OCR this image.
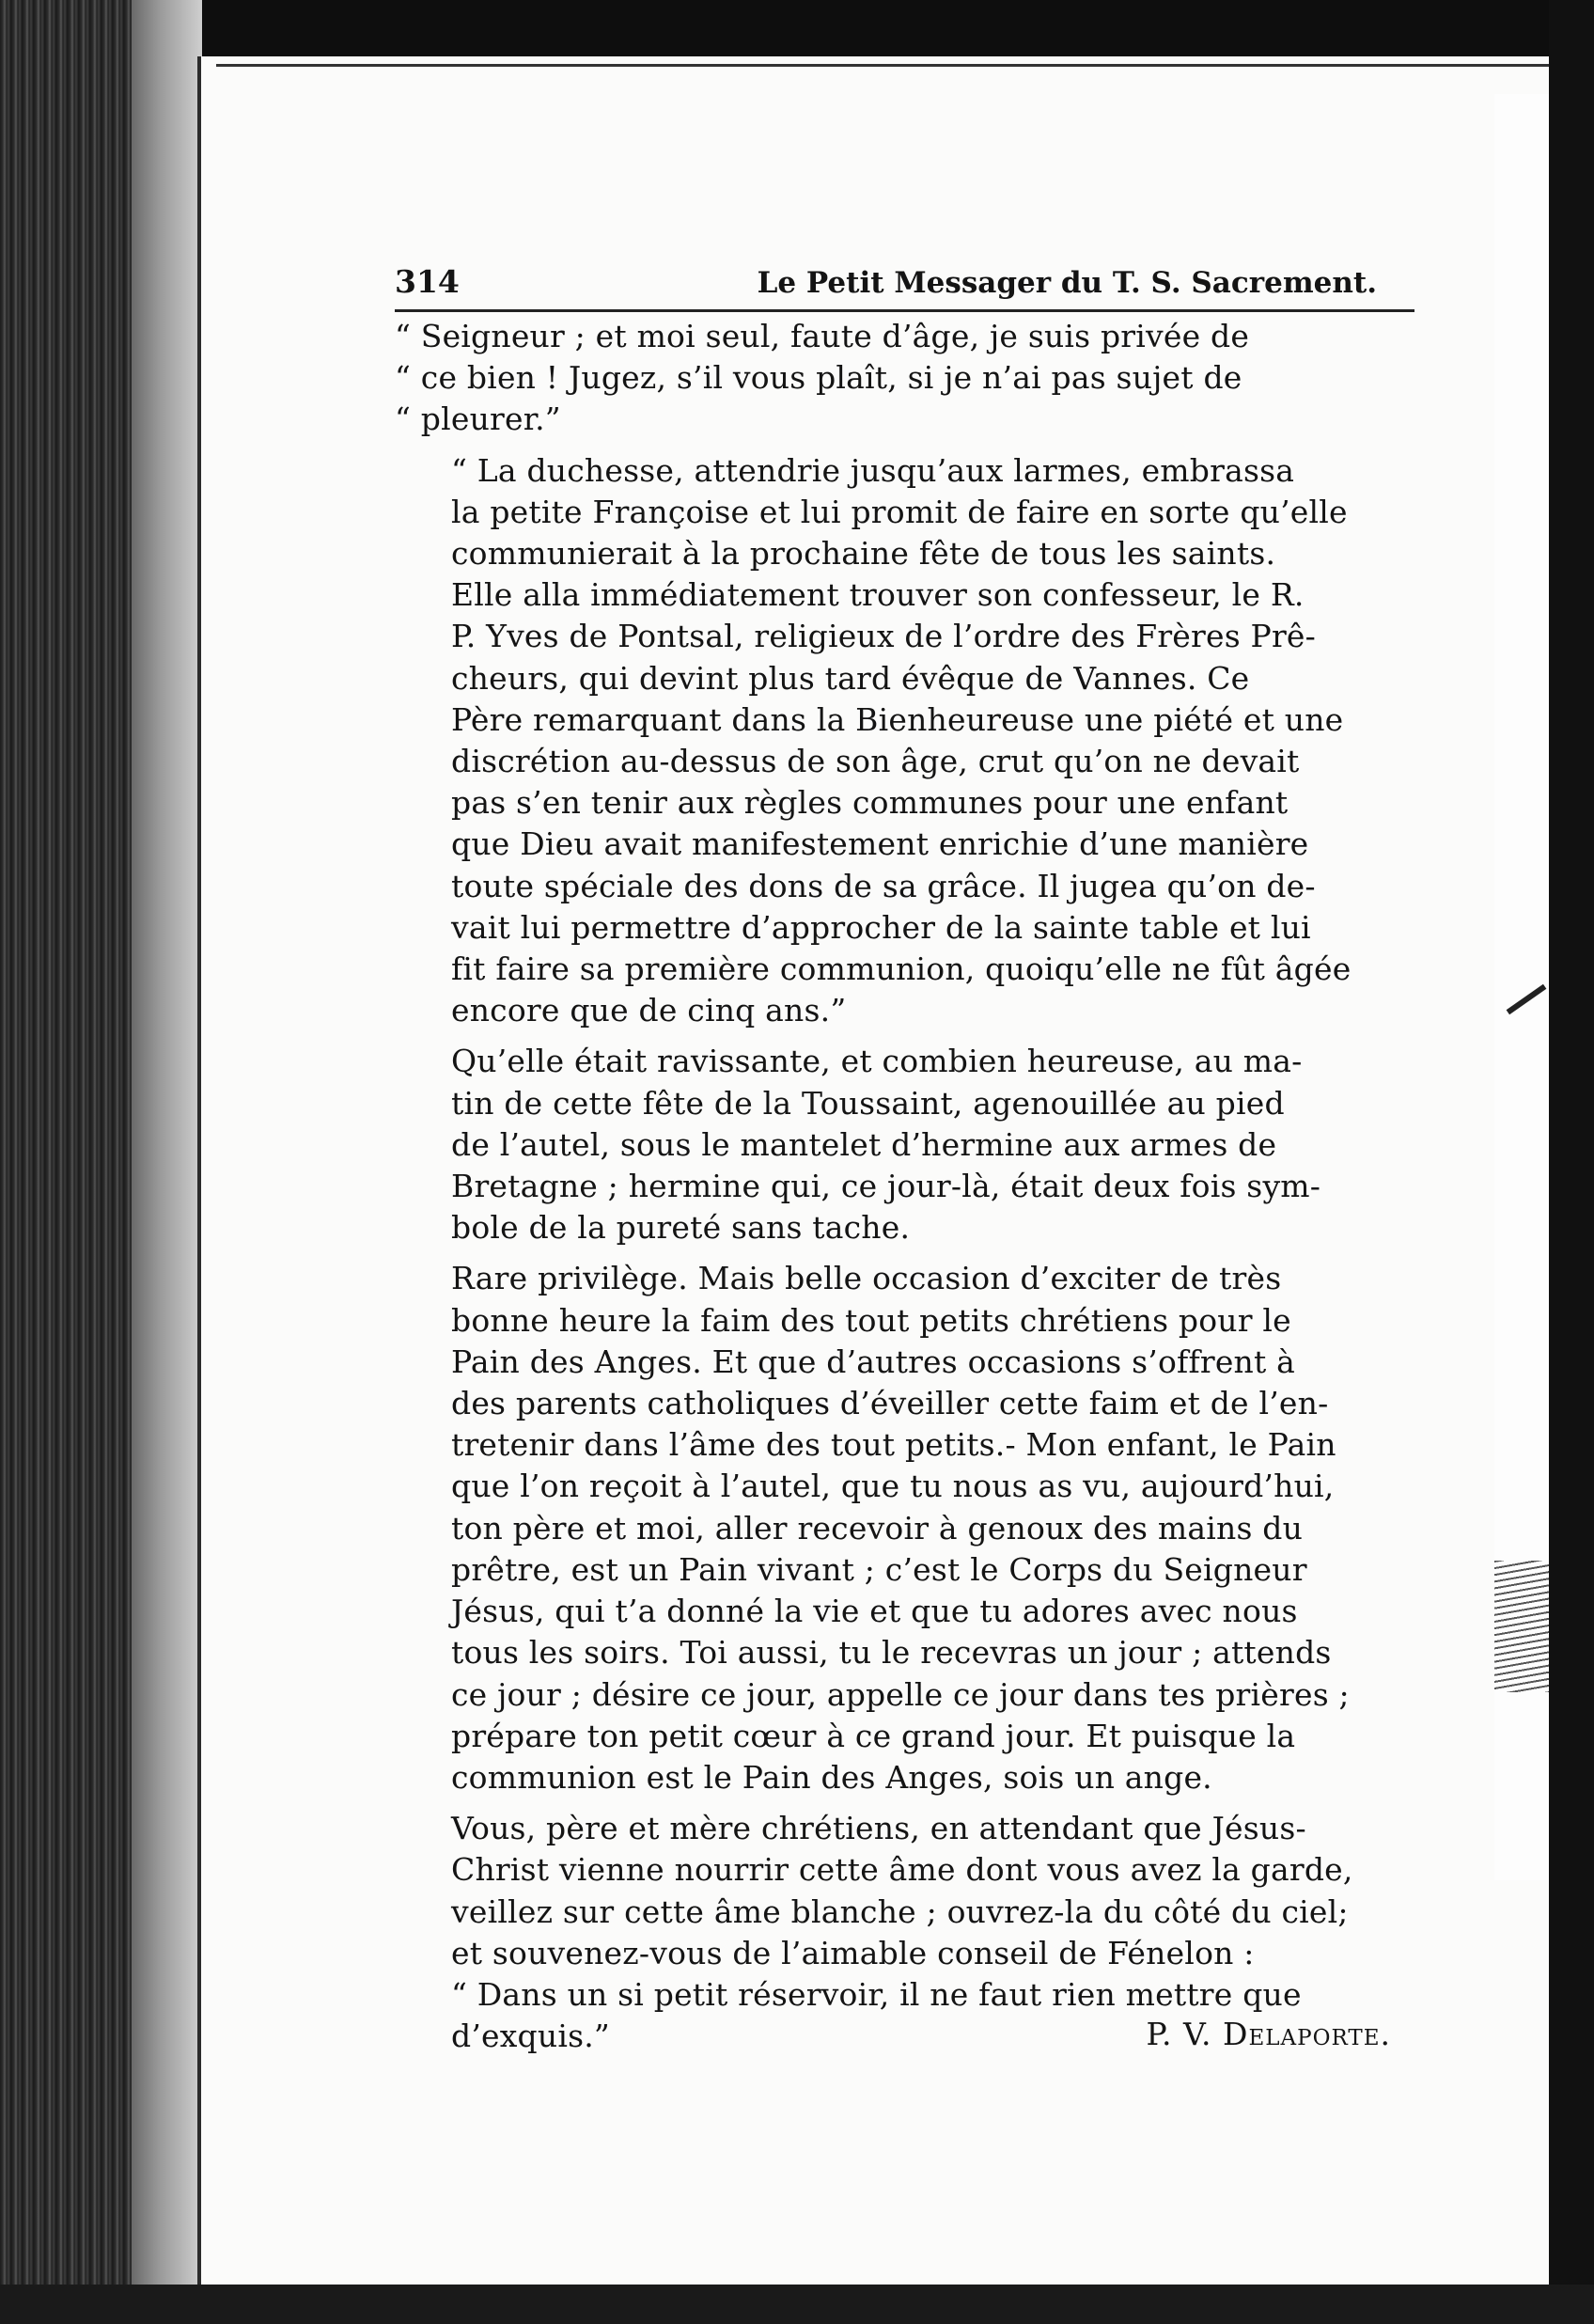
314	Le Petit Messager du T. S. Sacrement.

“ Seigneur ; et moi seul, faute d’âge, je suis privée de
“ ce bien ! Jugez, s’il vous plaît, si je n’ai pas sujet de
“ pleurer.”

“ La duchesse, attendrie jusqu’aux larmes, embrassa
la petite Françoise et lui promit de faire en sorte qu’elle
communierait à la prochaine fête de tous les saints.
Elle alla immédiatement trouver son confesseur, le R.
P. Yves de Pontsal, religieux de l’ordre des Frères Prê-
cheurs, qui devint plus tard évêque de Vannes. Ce
Père remarquant dans la Bienheureuse une piété et une
discrétion au-dessus de son âge, crut qu’on ne devait
pas s’en tenir aux règles communes pour une enfant
que Dieu avait manifestement enrichie d’une manière
toute spéciale des dons de sa grâce. Il jugea qu’on de-
vait lui permettre d’approcher de la sainte table et lui
fit faire sa première communion, quoiqu’elle ne fût âgée
encore que de cinq ans.”

Qu’elle était ravissante, et combien heureuse, au ma-
tin de cette fête de la Toussaint, agenouillée au pied
de l’autel, sous le mantelet d’hermine aux armes de
Bretagne ; hermine qui, ce jour-là, était deux fois sym-
bole de la pureté sans tache.

Rare privilège. Mais belle occasion d’exciter de très
bonne heure la faim des tout petits chrétiens pour le
Pain des Anges. Et que d’autres occasions s’offrent à
des parents catholiques d’éveiller cette faim et de l’en-
tretenir dans l’âme des tout petits.- Mon enfant, le Pain
que l’on reçoit à l’autel, que tu nous as vu, aujourd’hui,
ton père et moi, aller recevoir à genoux des mains du
prêtre, est un Pain vivant ; c’est le Corps du Seigneur
Jésus, qui t’a donné la vie et que tu adores avec nous
tous les soirs. Toi aussi, tu le recevras un jour ; attends
ce jour ; désire ce jour, appelle ce jour dans tes prières ;
prépare ton petit cœur à ce grand jour. Et puisque la
communion est le Pain des Anges, sois un ange.

Vous, père et mère chrétiens, en attendant que Jésus-
Christ vienne nourrir cette âme dont vous avez la garde,
veillez sur cette âme blanche ; ouvrez-la du côté du ciel;
et souvenez-vous de l’aimable conseil de Fénelon :
“ Dans un si petit réservoir, il ne faut rien mettre que
d’exquis.”	P. V. Delaporte.
